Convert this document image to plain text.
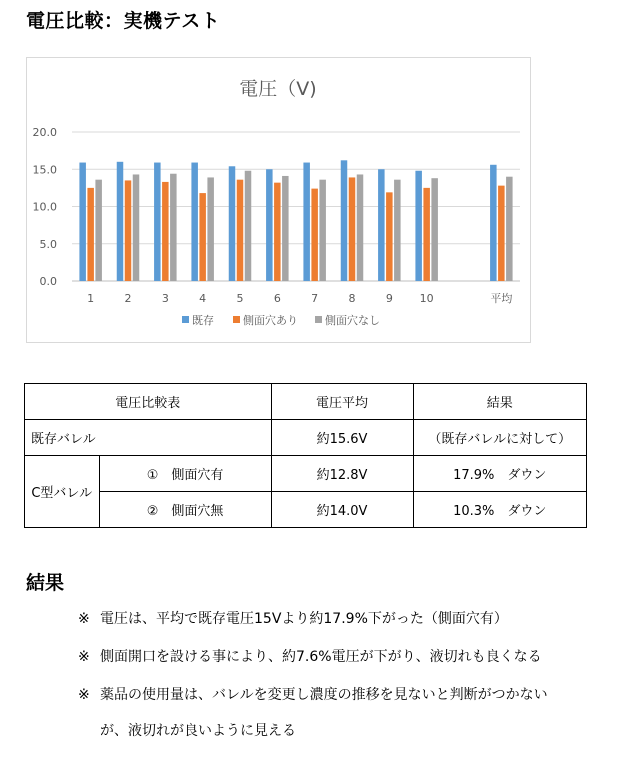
電圧比較：実機テスト
電圧（V)
0.0
5.0
10.0
15.0
20.0
1	2	3	4	5	6	7	8	9 10	平均
既存	側面穴あり 側面穴なし
電圧比較表		電圧平均	結果
既存バレル		約15.6V	（既存バレルに対して）
C型バレル	①　側面穴有	約12.8V	17.9%　ダウン
	②　側面穴無	約14.0V	10.3%　ダウン
結果
※ 電圧は、平均で既存電圧15Vより約17.9%下がった（側面穴有）
※ 側面開口を設ける事により、約7.6%電圧が下がり、液切れも良くなる
※ 薬品の使用量は、バレルを変更し濃度の推移を見ないと判断がつかない
が、液切れが良いように見える
